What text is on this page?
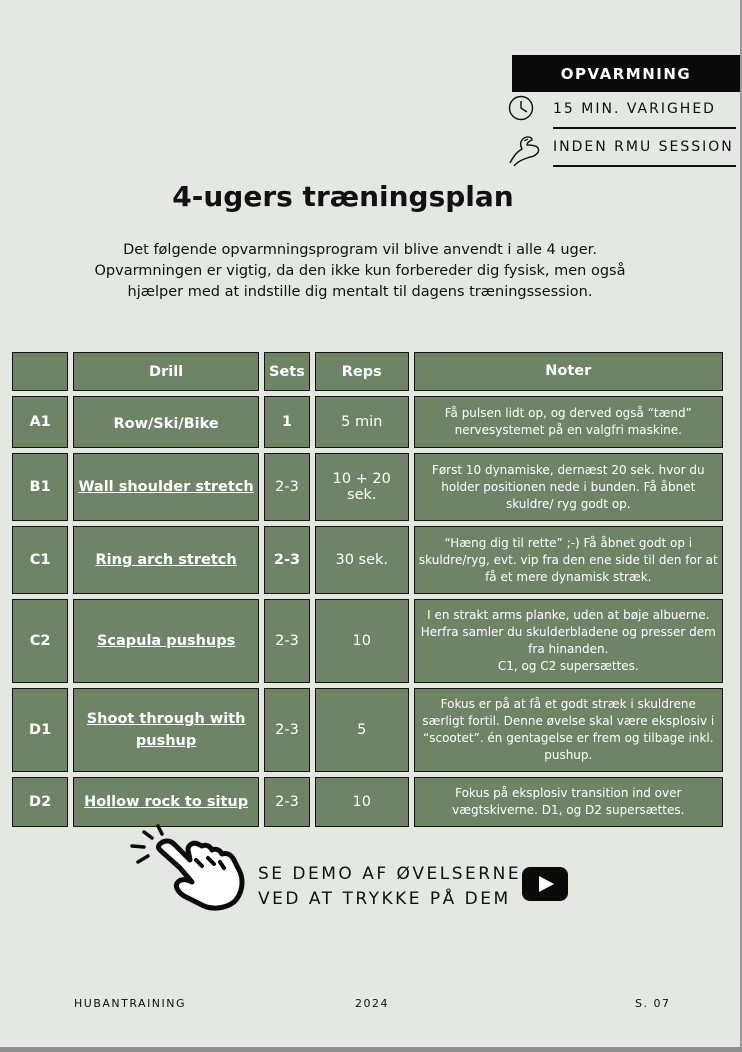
OPVARMNING
15 MIN. VARIGHED
INDEN RMU SESSION
4-ugers træningsplan
Det følgende opvarmningsprogram vil blive anvendt i alle 4 uger. Opvarmningen er vigtig, da den ikke kun forbereder dig fysisk, men også hjælper med at indstille dig mentalt til dagens træningssession.
	Drill	Sets	Reps	Noter
A1	Row/Ski/Bike	1	5 min	Få pulsen lidt op, og derved også “tænd” nervesystemet på en valgfri maskine.
B1	Wall shoulder stretch	2-3	10 + 20 sek.	Først 10 dynamiske, dernæst 20 sek. hvor du holder positionen nede i bunden. Få åbnet skuldre/ ryg godt op.
C1	Ring arch stretch	2-3	30 sek.	“Hæng dig til rette” ;-) Få åbnet godt op i skuldre/ryg, evt. vip fra den ene side til den for at få et mere dynamisk stræk.
C2	Scapula pushups	2-3	10	I en strakt arms planke, uden at bøje albuerne. Herfra samler du skulderbladene og presser dem fra hinanden.
C1, og C2 supersættes.

D1	Shoot through with pushup	2-3	5	Fokus er på at få et godt stræk i skuldrene særligt fortil. Denne øvelse skal være eksplosiv i “scootet”. én gentagelse er frem og tilbage inkl. pushup.
D2	Hollow rock to situp	2-3	10	Fokus på eksplosiv transition ind over vægtskiverne. D1, og D2 supersættes.
SE DEMO AF ØVELSERNE
VED AT TRYKKE PÅ DEM
HUBANTRAINING	2024	S. 07
